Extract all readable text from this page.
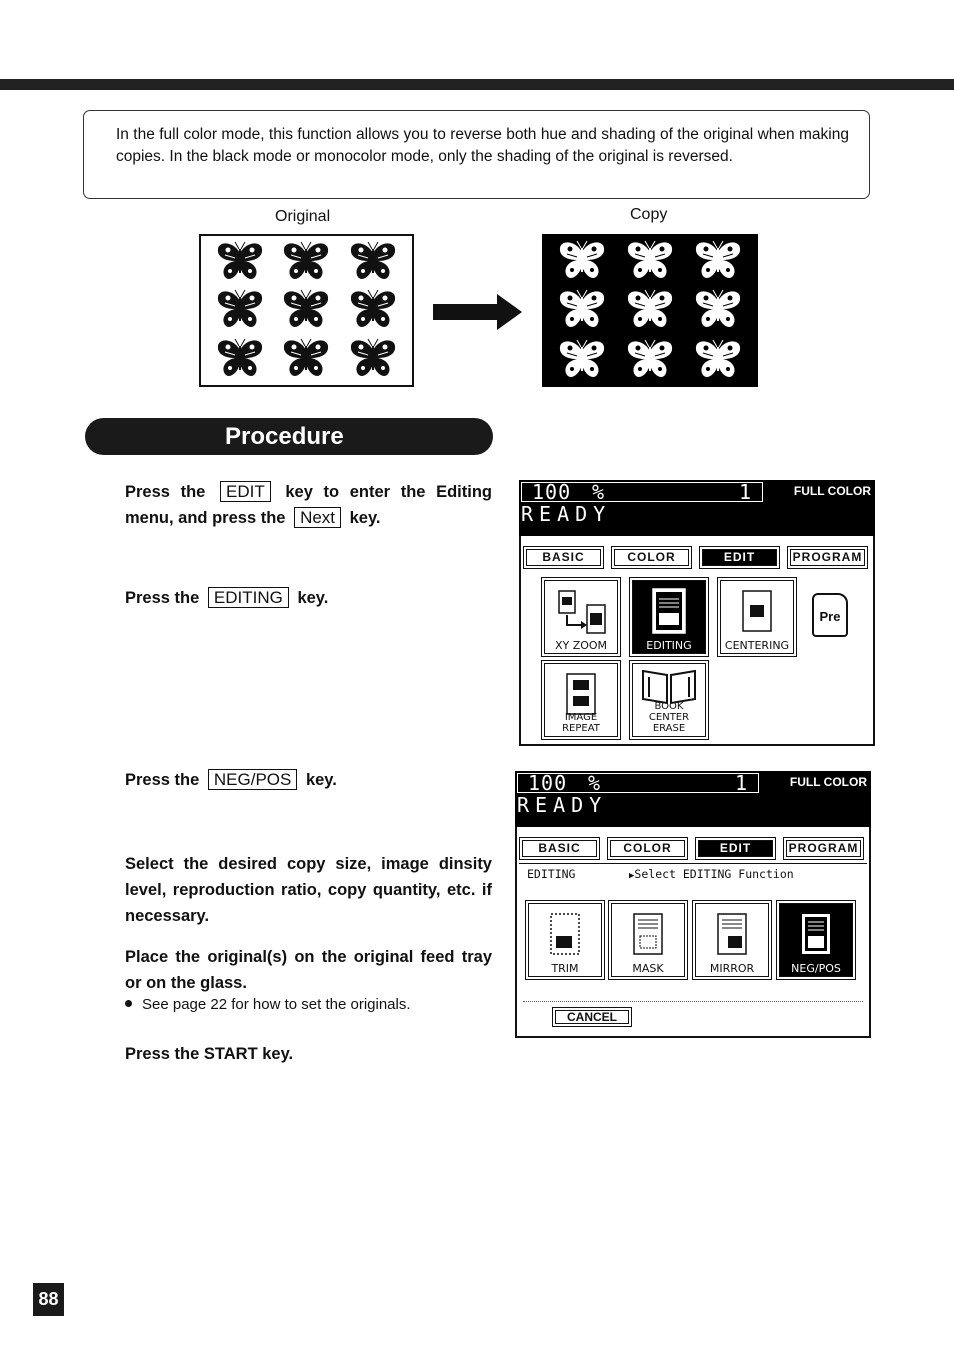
In the full color mode, this function allows you to reverse both hue and shading of the original when making copies. In the black mode or monocolor mode, only the shading of the original is reversed.

Original	Copy
Procedure
Press the EDIT key to enter the Editing menu, and press the Next key.
Press the EDITING key.
Press the NEG/POS key.
Select the desired copy size, image dinsity level, reproduction ratio, copy quantity, etc. if necessary.
Place the original(s) on the original feed tray or on the glass.
See page 22 for how to set the originals.
Press the START key.
100 %	1	FULL COLOR
READY
BASIC	COLOR	EDIT	PROGRAM
XY ZOOM	EDITING	CENTERING
Pre
IMAGE REPEAT
BOOK CENTER
ERASE
100 %	1	FULL COLOR
READY
BASIC	COLOR	EDIT	PROGRAM
EDITING	▶Select EDITING Function
TRIM	MASK	MIRROR	NEG/POS
CANCEL
88
